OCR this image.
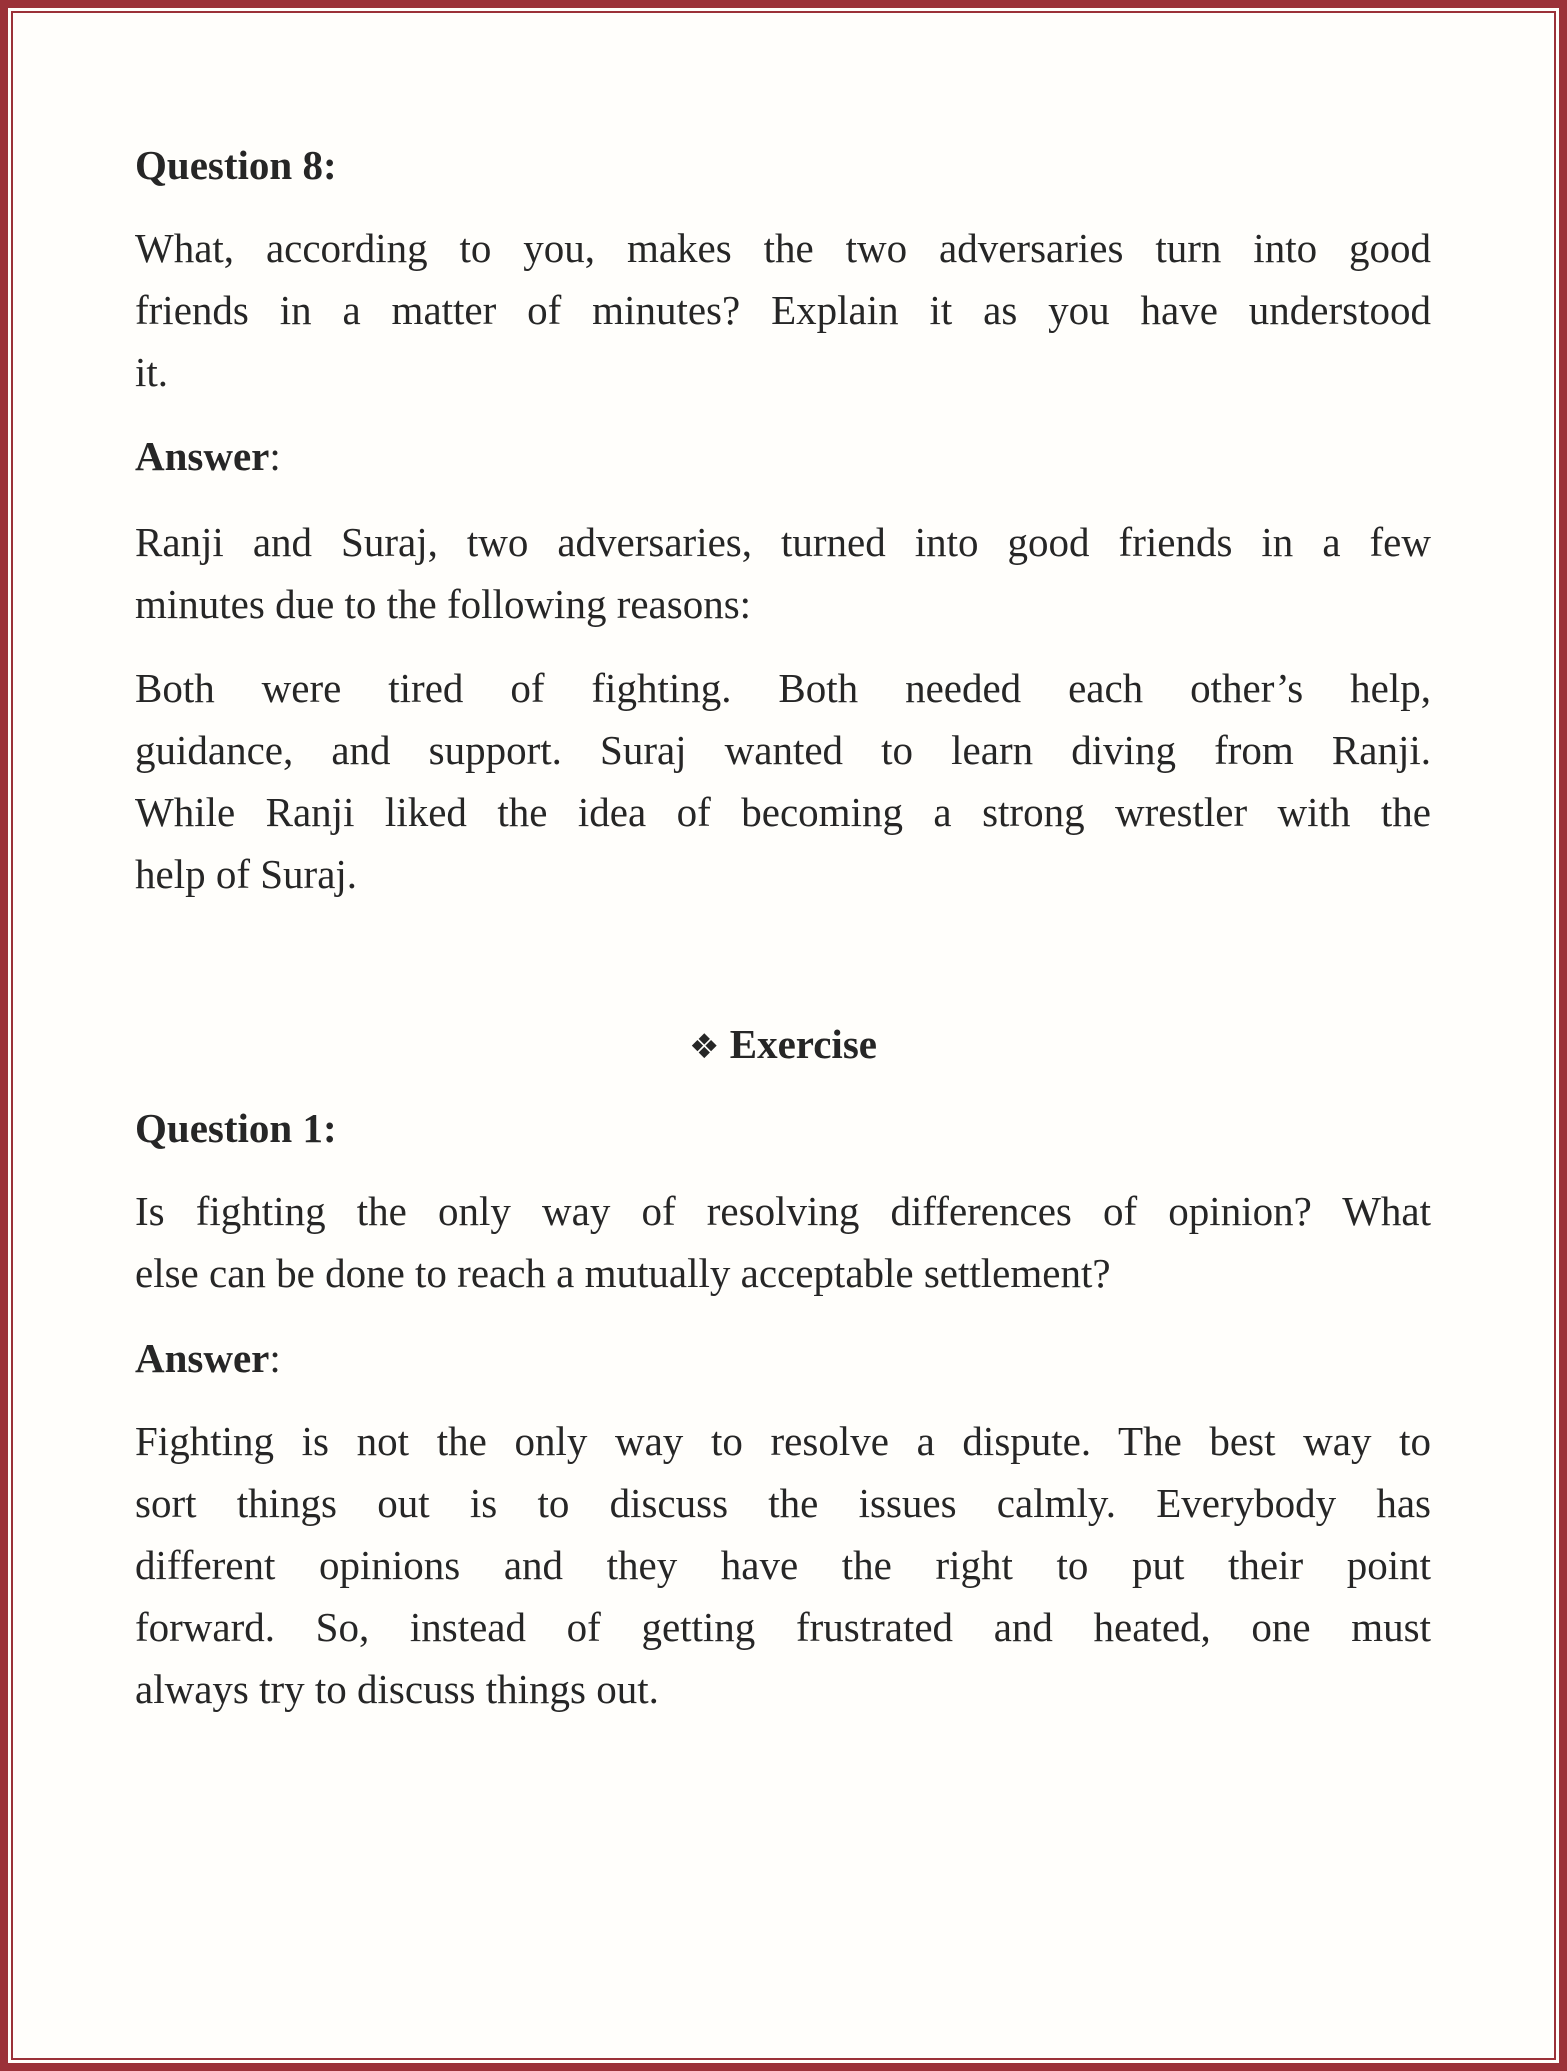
Question 8:
What, according to you, makes the two adversaries turn into good
friends in a matter of minutes? Explain it as you have understood
it.
Answer:
Ranji and Suraj, two adversaries, turned into good friends in a few
minutes due to the following reasons:
Both were tired of fighting. Both needed each other’s help,
guidance, and support. Suraj wanted to learn diving from Ranji.
While Ranji liked the idea of becoming a strong wrestler with the
help of Suraj.
❖ Exercise
Question 1:
Is fighting the only way of resolving differences of opinion? What
else can be done to reach a mutually acceptable settlement?
Answer:
Fighting is not the only way to resolve a dispute. The best way to
sort things out is to discuss the issues calmly. Everybody has
different opinions and they have the right to put their point
forward. So, instead of getting frustrated and heated, one must
always try to discuss things out.
